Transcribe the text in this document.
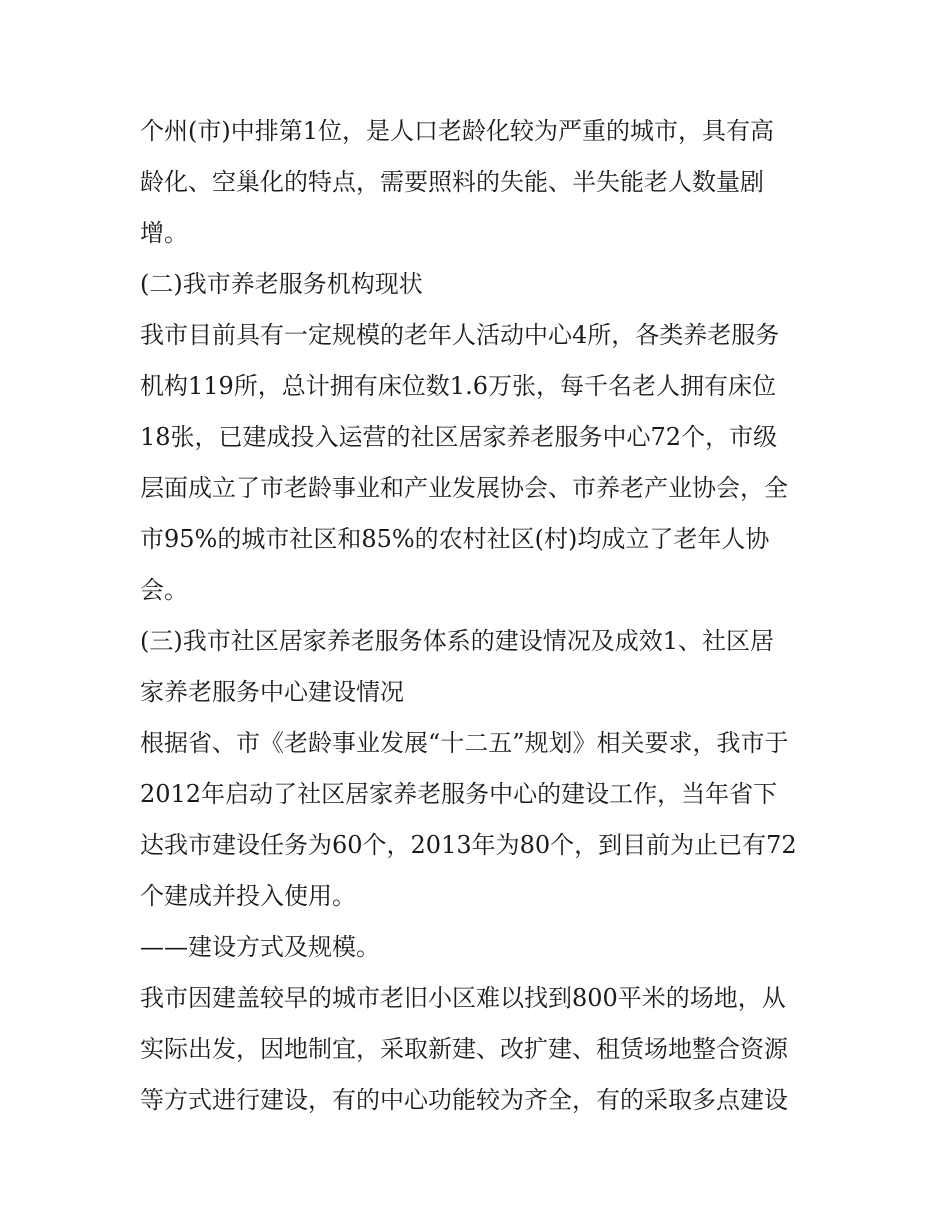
个州(市)中排第1位，是人口老龄化较为严重的城市，具有高
龄化、空巢化的特点，需要照料的失能、半失能老人数量剧
增。
(二)我市养老服务机构现状
我市目前具有一定规模的老年人活动中心4所，各类养老服务
机构119所，总计拥有床位数1.6万张，每千名老人拥有床位
18张，已建成投入运营的社区居家养老服务中心72个，市级
层面成立了市老龄事业和产业发展协会、市养老产业协会，全
市95%的城市社区和85%的农村社区(村)均成立了老年人协
会。
(三)我市社区居家养老服务体系的建设情况及成效1、社区居
家养老服务中心建设情况
根据省、市《老龄事业发展“十二五”规划》相关要求，我市于
2012年启动了社区居家养老服务中心的建设工作，当年省下
达我市建设任务为60个，2013年为80个，到目前为止已有72
个建成并投入使用。
——建设方式及规模。
我市因建盖较早的城市老旧小区难以找到800平米的场地，从
实际出发，因地制宜，采取新建、改扩建、租赁场地整合资源
等方式进行建设，有的中心功能较为齐全，有的采取多点建设
